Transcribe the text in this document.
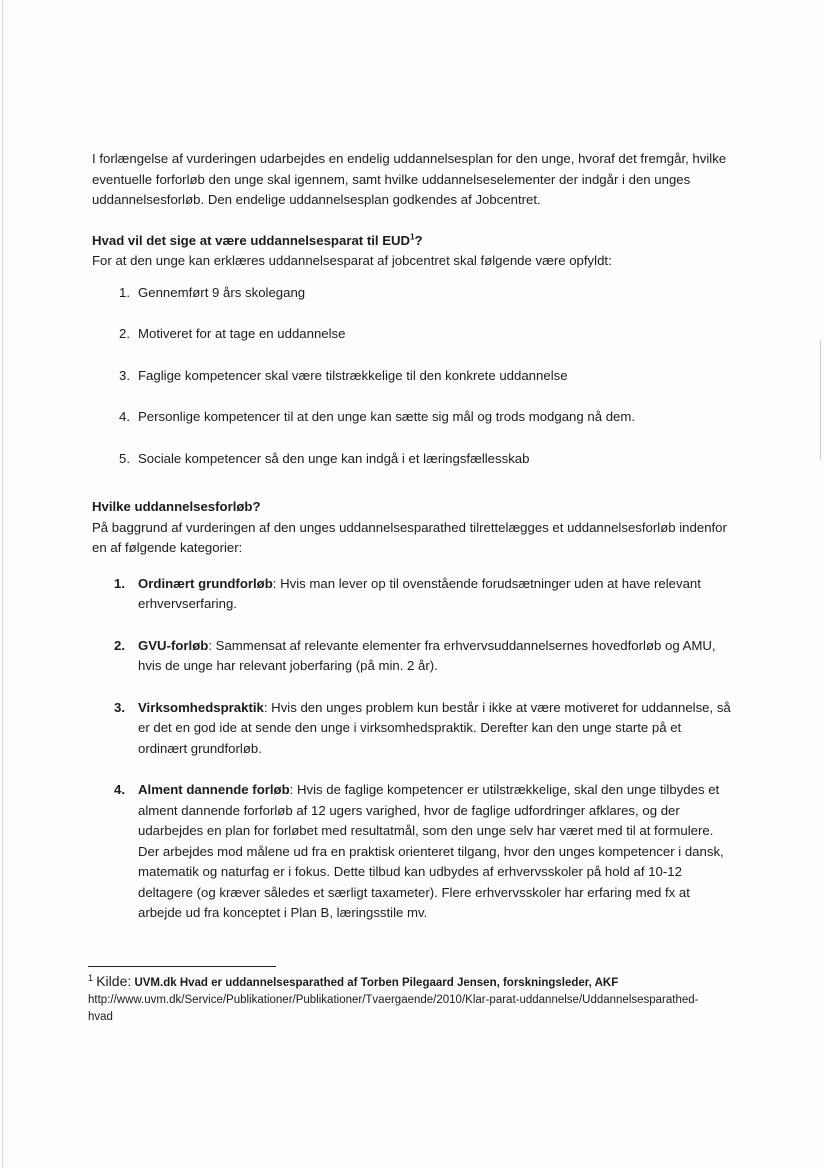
I forlængelse af vurderingen udarbejdes en endelig uddannelsesplan for den unge, hvoraf det fremgår, hvilke eventuelle forforløb den unge skal igennem, samt hvilke uddannelseselementer der indgår i den unges uddannelsesforløb. Den endelige uddannelsesplan godkendes af Jobcentret.

Hvad vil det sige at være uddannelsesparat til EUD$^1$?

For at den unge kan erklæres uddannelsesparat af jobcentret skal følgende være opfyldt:

1. Gennemført 9 års skolegang
2. Motiveret for at tage en uddannelse
3. Faglige kompetencer skal være tilstrækkelige til den konkrete uddannelse
4. Personlige kompetencer til at den unge kan sætte sig mål og trods modgang nå dem.
5. Sociale kompetencer så den unge kan indgå i et læringsfællesskab

Hvilke uddannelsesforløb?

På baggrund af vurderingen af den unges uddannelsesparathed tilrettelægges et uddannelsesforløb indenfor en af følgende kategorier:

1. Ordinært grundforløb: Hvis man lever op til ovenstående forudsætninger uden at have relevant erhvervserfaring.
2. GVU-forløb: Sammensat af relevante elementer fra erhvervsuddannelsernes hovedforløb og AMU, hvis de unge har relevant joberfaring (på min. 2 år).
3. Virksomhedspraktik: Hvis den unges problem kun består i ikke at være motiveret for uddannelse, så er det en god ide at sende den unge i virksomhedspraktik. Derefter kan den unge starte på et ordinært grundforløb.
4. Alment dannende forløb: Hvis de faglige kompetencer er utilstrækkelige, skal den unge tilbydes et alment dannende forforløb af 12 ugers varighed, hvor de faglige udfordringer afklares, og der udarbejdes en plan for forløbet med resultatmål, som den unge selv har været med til at formulere. Der arbejdes mod målene ud fra en praktisk orienteret tilgang, hvor den unges kompetencer i dansk, matematik og naturfag er i fokus. Dette tilbud kan udbydes af erhvervsskoler på hold af 10-12 deltagere (og kræver således et særligt taxameter). Flere erhvervsskoler har erfaring med fx at arbejde ud fra konceptet i Plan B, læringsstile mv.
$^1$ Kilde: UVM.dk Hvad er uddannelsesparathed af Torben Pilegaard Jensen, forskningsleder, AKF
http://www.uvm.dk/Service/Publikationer/Publikationer/Tvaergaende/2010/Klar-parat-uddannelse/Uddannelsesparathed-hvad
